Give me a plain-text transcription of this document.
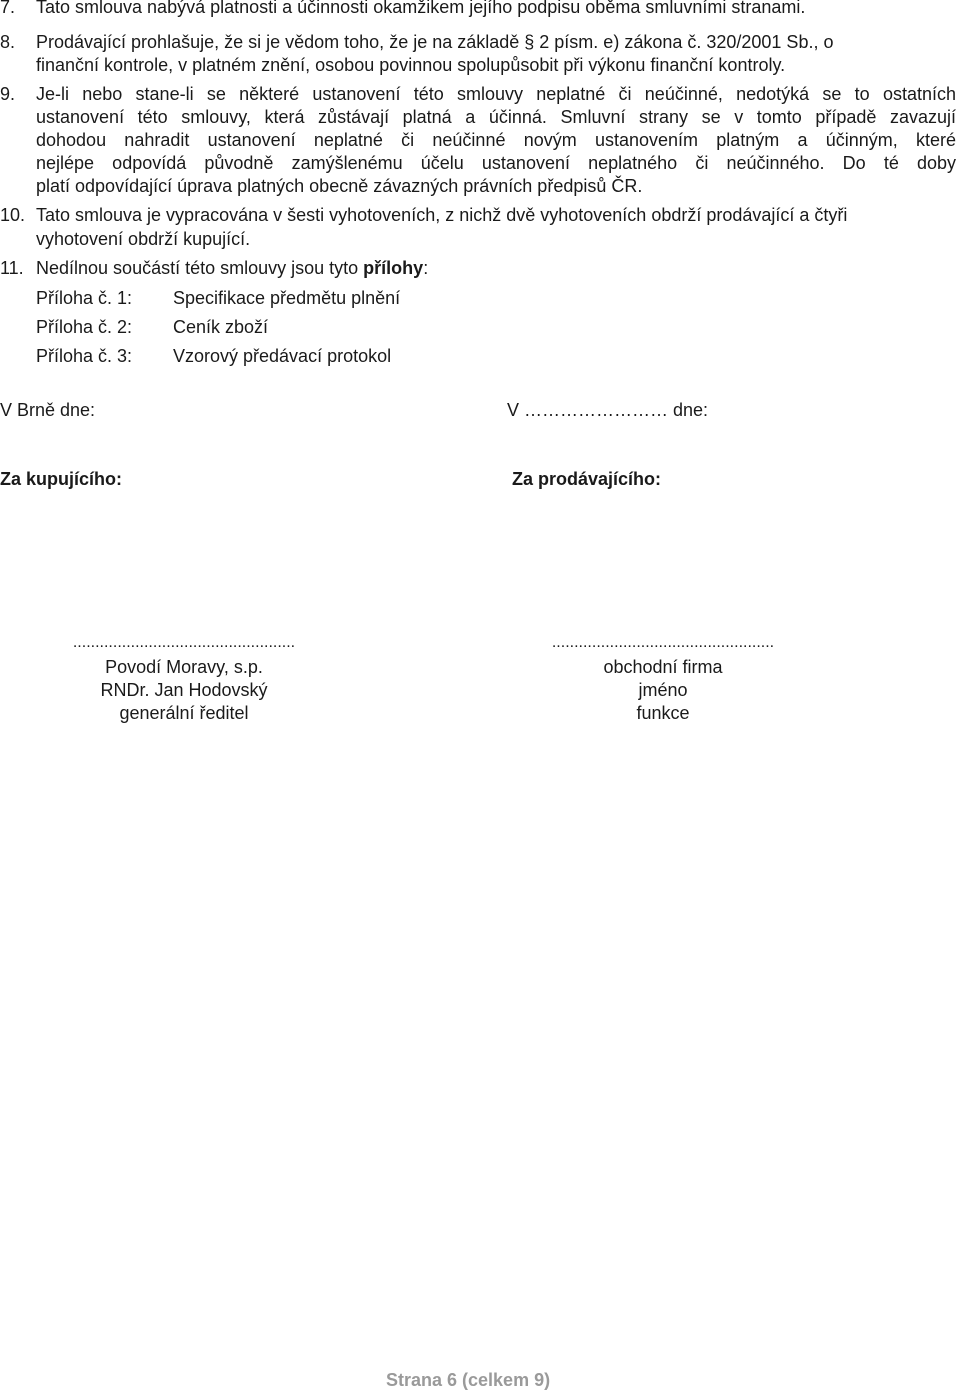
7. Tato smlouva nabývá platnosti a účinnosti okamžikem jejího podpisu oběma smluvními stranami.
8. Prodávající prohlašuje, že si je vědom toho, že je na základě § 2 písm. e) zákona č. 320/2001 Sb., o
finanční kontrole, v platném znění, osobou povinnou spolupůsobit při výkonu finanční kontroly.
9. Je-li nebo stane-li se některé ustanovení této smlouvy neplatné či neúčinné, nedotýká se to ostatních
ustanovení této smlouvy, která zůstávají platná a účinná. Smluvní strany se v tomto případě zavazují
dohodou nahradit ustanovení neplatné či neúčinné novým ustanovením platným a účinným, které
nejlépe odpovídá původně zamýšlenému účelu ustanovení neplatného či neúčinného. Do té doby
platí odpovídající úprava platných obecně závazných právních předpisů ČR.
10. Tato smlouva je vypracována v šesti vyhotoveních, z nichž dvě vyhotoveních obdrží prodávající a čtyři
vyhotovení obdrží kupující.
11. Nedílnou součástí této smlouvy jsou tyto přílohy:
Příloha č. 1: Specifikace předmětu plnění
Příloha č. 2: Ceník zboží
Příloha č. 3: Vzorový předávací protokol
V Brně dne:	V …………………… dne:
Za kupujícího:	Za prodávajícího:
..................................................
Povodí Moravy, s.p.
RNDr. Jan Hodovský
generální ředitel
..................................................
obchodní firma
jméno
funkce
Strana 6 (celkem 9)
